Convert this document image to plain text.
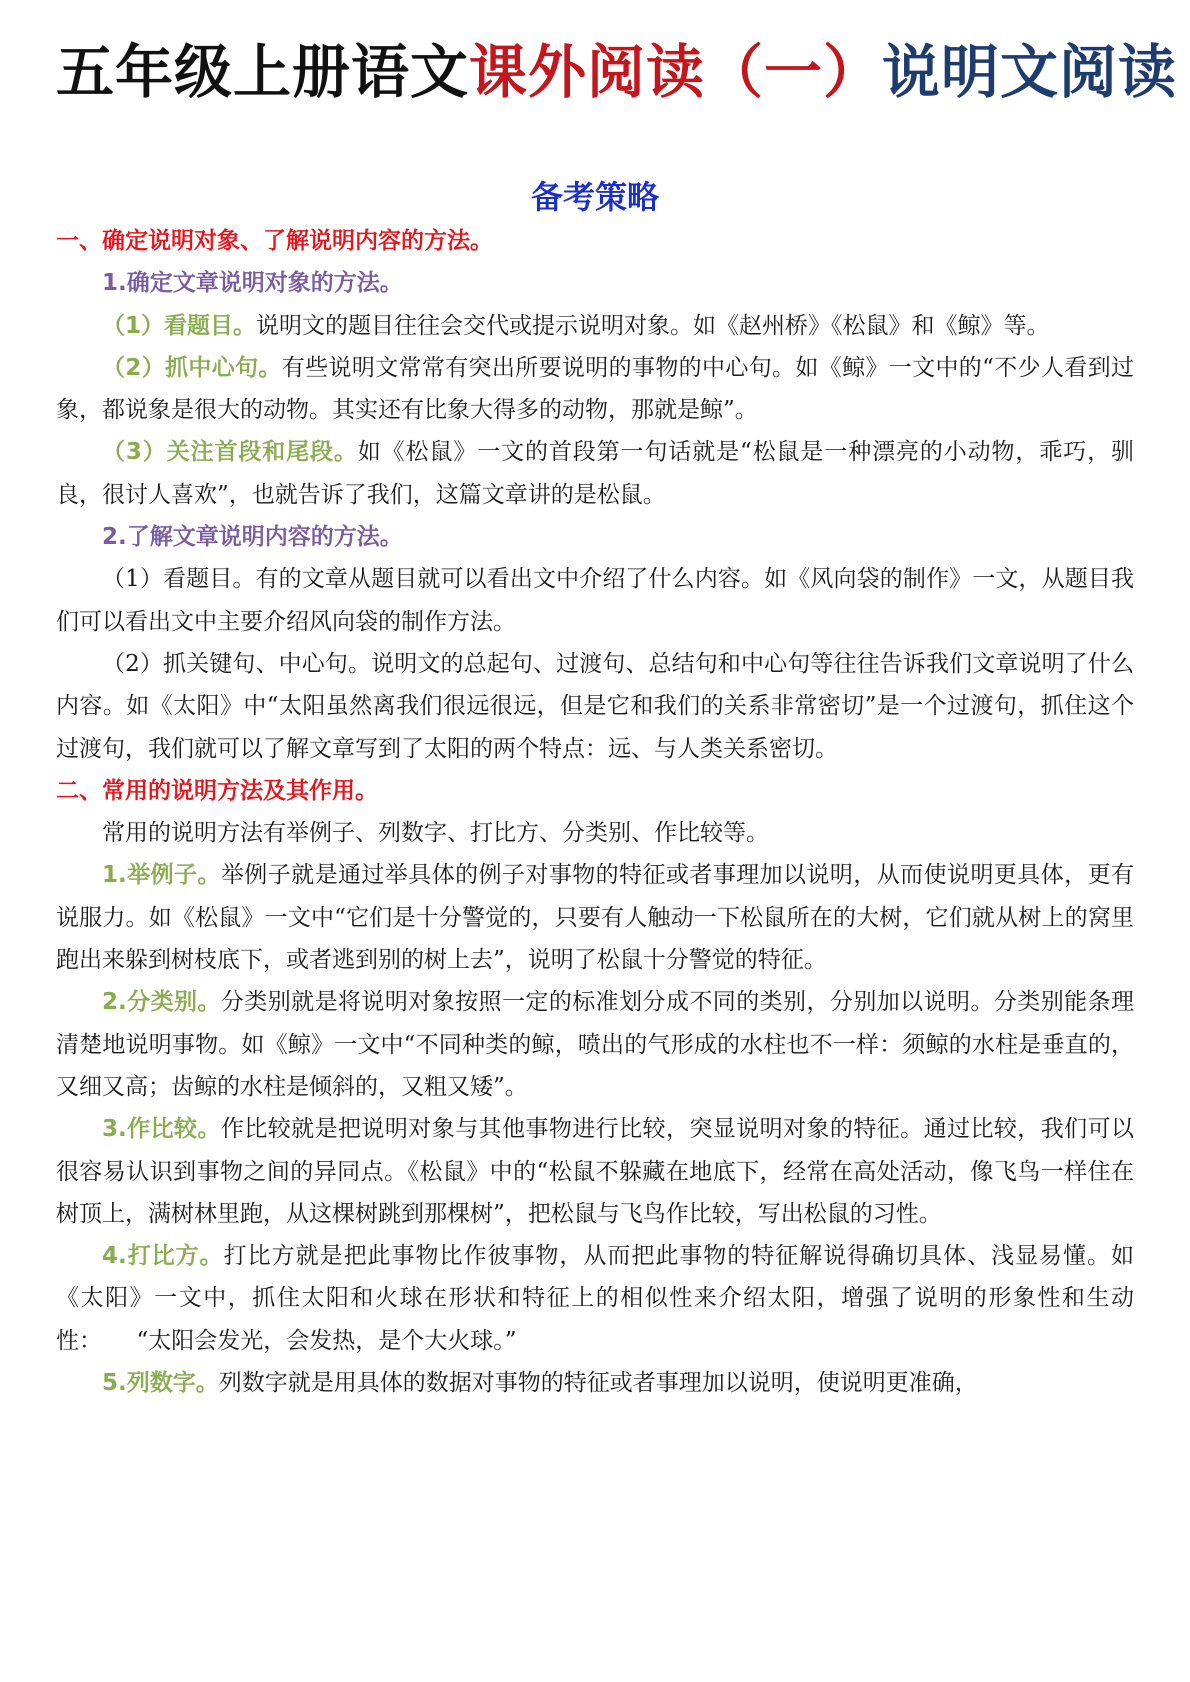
五年级上册语文课外阅读（一）说明文阅读
备考策略

一、确定说明对象、了解说明内容的方法。

1.确定文章说明对象的方法。

（1）看题目。说明文的题目往往会交代或提示说明对象。如《赵州桥》《松鼠》和《鲸》等。

（2）抓中心句。有些说明文常常有突出所要说明的事物的中心句。如《鲸》一文中的“不少人看到过象，都说象是很大的动物。其实还有比象大得多的动物，那就是鲸”。

（3）关注首段和尾段。如《松鼠》一文的首段第一句话就是“松鼠是一种漂亮的小动物，乖巧，驯良，很讨人喜欢”，也就告诉了我们，这篇文章讲的是松鼠。

2.了解文章说明内容的方法。

（1）看题目。有的文章从题目就可以看出文中介绍了什么内容。如《风向袋的制作》一文，从题目我们可以看出文中主要介绍风向袋的制作方法。

（2）抓关键句、中心句。说明文的总起句、过渡句、总结句和中心句等往往告诉我们文章说明了什么内容。如《太阳》中“太阳虽然离我们很远很远，但是它和我们的关系非常密切”是一个过渡句，抓住这个过渡句，我们就可以了解文章写到了太阳的两个特点：远、与人类关系密切。

二、常用的说明方法及其作用。

常用的说明方法有举例子、列数字、打比方、分类别、作比较等。

1.举例子。举例子就是通过举具体的例子对事物的特征或者事理加以说明，从而使说明更具体，更有说服力。如《松鼠》一文中“它们是十分警觉的，只要有人触动一下松鼠所在的大树，它们就从树上的窝里跑出来躲到树枝底下，或者逃到别的树上去”，说明了松鼠十分警觉的特征。

2.分类别。分类别就是将说明对象按照一定的标准划分成不同的类别，分别加以说明。分类别能条理清楚地说明事物。如《鲸》一文中“不同种类的鲸，喷出的气形成的水柱也不一样：须鲸的水柱是垂直的，又细又高；齿鲸的水柱是倾斜的，又粗又矮”。

3.作比较。作比较就是把说明对象与其他事物进行比较，突显说明对象的特征。通过比较，我们可以很容易认识到事物之间的异同点。《松鼠》中的“松鼠不躲藏在地底下，经常在高处活动，像飞鸟一样住在树顶上，满树林里跑，从这棵树跳到那棵树”，把松鼠与飞鸟作比较，写出松鼠的习性。

4.打比方。打比方就是把此事物比作彼事物，从而把此事物的特征解说得确切具体、浅显易懂。如《太阳》一文中，抓住太阳和火球在形状和特征上的相似性来介绍太阳，增强了说明的形象性和生动性：　　“太阳会发光，会发热，是个大火球。”

5.列数字。列数字就是用具体的数据对事物的特征或者事理加以说明，使说明更准确，
